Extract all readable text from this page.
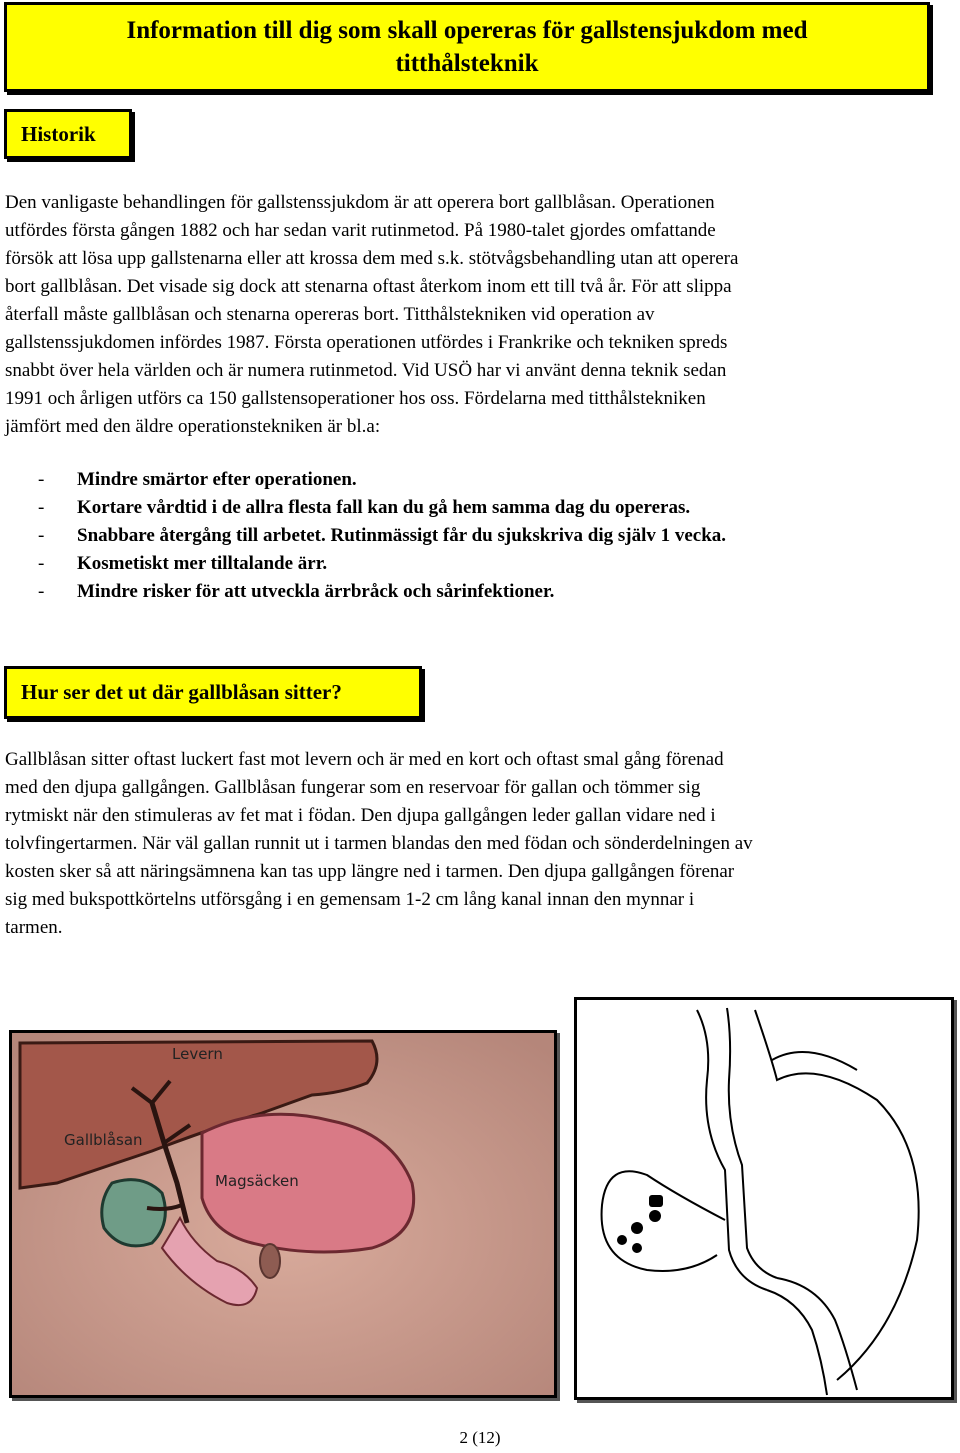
Information till dig som skall opereras för gallstensjukdom med
titthålsteknik
Historik

Den vanligaste behandlingen för gallstenssjukdom är att operera bort gallblåsan. Operationen
utfördes första gången 1882 och har sedan varit rutinmetod. På 1980-talet gjordes omfattande
försök att lösa upp gallstenarna eller att krossa dem med s.k. stötvågsbehandling utan att operera
bort gallblåsan. Det visade sig dock att stenarna oftast återkom inom ett till två år. För att slippa
återfall måste gallblåsan och stenarna opereras bort. Titthålstekniken vid operation av
gallstenssjukdomen infördes 1987. Första operationen utfördes i Frankrike och tekniken spreds
snabbt över hela världen och är numera rutinmetod. Vid USÖ har vi använt denna teknik sedan
1991 och årligen utförs ca 150 gallstensoperationer hos oss. Fördelarna med titthålstekniken
jämfört med den äldre operationstekniken är bl.a:

- Mindre smärtor efter operationen.
- Kortare vårdtid i de allra flesta fall kan du gå hem samma dag du opereras.
- Snabbare återgång till arbetet. Rutinmässigt får du sjukskriva dig själv 1 vecka.
- Kosmetiskt mer tilltalande ärr.
- Mindre risker för att utveckla ärrbråck och sårinfektioner.
Hur ser det ut där gallblåsan sitter?

Gallblåsan sitter oftast luckert fast mot levern och är med en kort och oftast smal gång förenad
med den djupa gallgången. Gallblåsan fungerar som en reservoar för gallan och tömmer sig
rytmiskt när den stimuleras av fet mat i födan. Den djupa gallgången leder gallan vidare ned i
tolvfingertarmen. När väl gallan runnit ut i tarmen blandas den med födan och sönderdelningen av
kosten sker så att näringsämnena kan tas upp längre ned i tarmen. Den djupa gallgången förenar
sig med bukspottkörtelns utförsgång i en gemensam 1-2 cm lång kanal innan den mynnar i
tarmen.

Levern
Gallblåsan
Magsäcken
2 (12)
